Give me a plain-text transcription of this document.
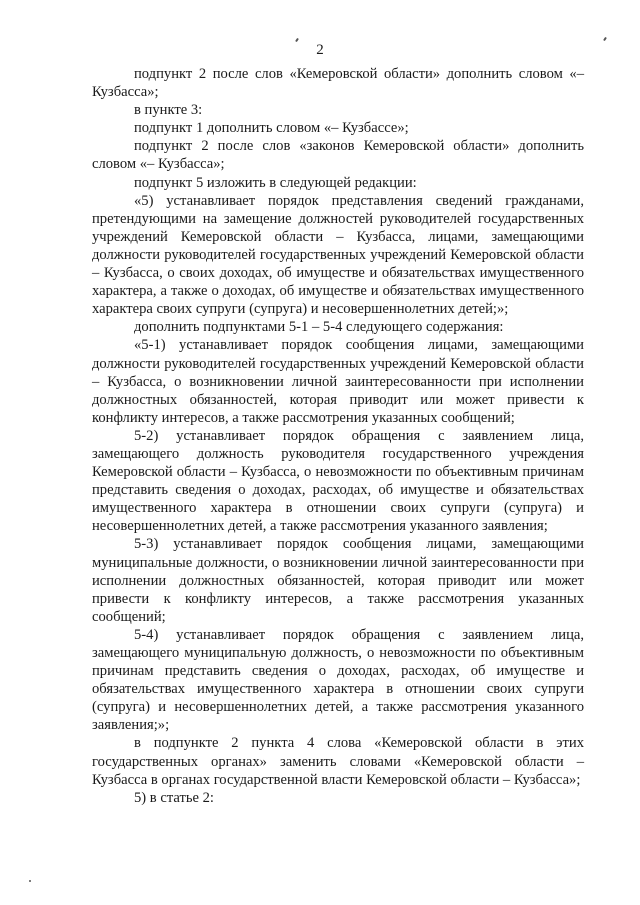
2

подпункт 2 после слов «Кемеровской области» дополнить словом «– Кузбасса»;

в пункте 3:

подпункт 1 дополнить словом «– Кузбассе»;

подпункт 2 после слов «законов Кемеровской области» дополнить словом «– Кузбасса»;

подпункт 5 изложить в следующей редакции:

«5) устанавливает порядок представления сведений гражданами, претендующими на замещение должностей руководителей государственных учреждений Кемеровской области – Кузбасса, лицами, замещающими должности руководителей государственных учреждений Кемеровской области – Кузбасса, о своих доходах, об имуществе и обязательствах имущественного характера, а также о доходах, об имуществе и обязательствах имущественного характера своих супруги (супруга) и несовершеннолетних детей;»;

дополнить подпунктами 5-1 – 5-4 следующего содержания:

«5-1) устанавливает порядок сообщения лицами, замещающими должности руководителей государственных учреждений Кемеровской области – Кузбасса, о возникновении личной заинтересованности при исполнении должностных обязанностей, которая приводит или может привести к конфликту интересов, а также рассмотрения указанных сообщений;

5-2) устанавливает порядок обращения с заявлением лица, замещающего должность руководителя государственного учреждения Кемеровской области – Кузбасса, о невозможности по объективным причинам представить сведения о доходах, расходах, об имуществе и обязательствах имущественного характера в отношении своих супруги (супруга) и несовершеннолетних детей, а также рассмотрения указанного заявления;

5-3) устанавливает порядок сообщения лицами, замещающими муниципальные должности, о возникновении личной заинтересованности при исполнении должностных обязанностей, которая приводит или может привести к конфликту интересов, а также рассмотрения указанных сообщений;

5-4) устанавливает порядок обращения с заявлением лица, замещающего муниципальную должность, о невозможности по объективным причинам представить сведения о доходах, расходах, об имуществе и обязательствах имущественного характера в отношении своих супруги (супруга) и несовершеннолетних детей, а также рассмотрения указанного заявления;»;

в подпункте 2 пункта 4 слова «Кемеровской области в этих государственных органах» заменить словами «Кемеровской области – Кузбасса в органах государственной власти Кемеровской области – Кузбасса»;

5) в статье 2:
